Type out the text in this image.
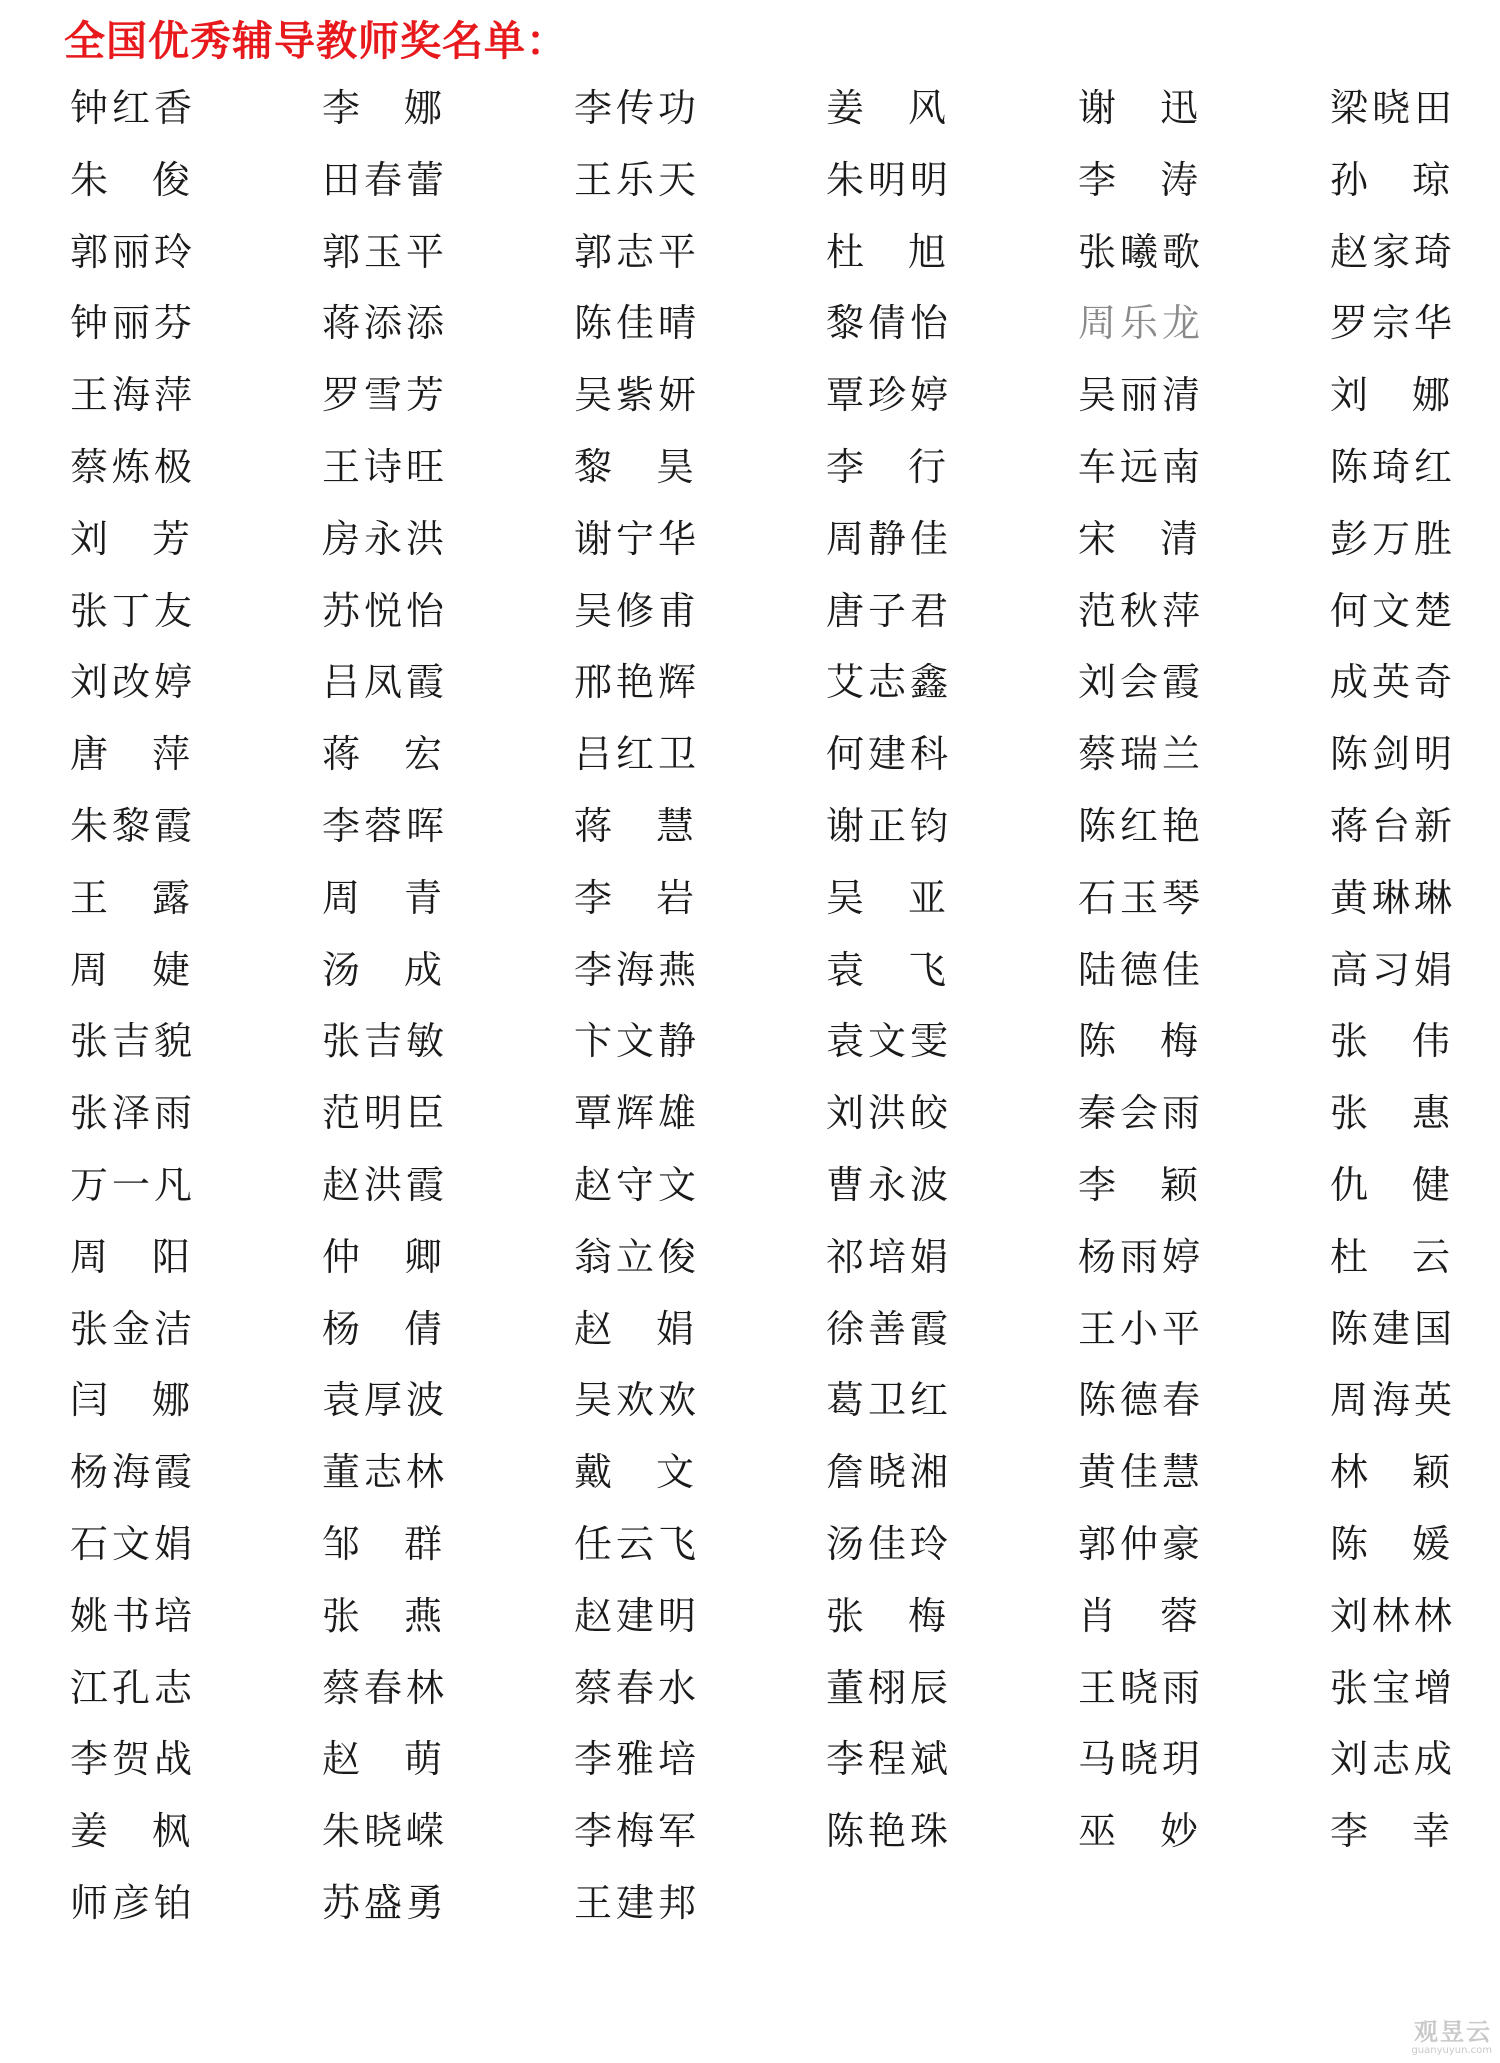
全国优秀辅导教师奖名单：
钟红香	李 娜	李传功	姜 风	谢 迅	梁晓田
朱 俊	田春蕾	王乐天	朱明明	李 涛	孙 琼
郭丽玲	郭玉平	郭志平	杜 旭	张曦歌	赵家琦
钟丽芬	蒋添添	陈佳晴	黎倩怡	周乐龙	罗宗华
王海萍	罗雪芳	吴紫妍	覃珍婷	吴丽清	刘 娜
蔡炼极	王诗旺	黎 昊	李 行	车远南	陈琦红
刘 芳	房永洪	谢宁华	周静佳	宋 清	彭万胜
张丁友	苏悦怡	吴修甫	唐子君	范秋萍	何文楚
刘改婷	吕凤霞	邢艳辉	艾志鑫	刘会霞	成英奇
唐 萍	蒋 宏	吕红卫	何建科	蔡瑞兰	陈剑明
朱黎霞	李蓉晖	蒋 慧	谢正钧	陈红艳	蒋台新
王 露	周 青	李 岩	吴 亚	石玉琴	黄琳琳
周 婕	汤 成	李海燕	袁 飞	陆德佳	高习娟
张吉貌	张吉敏	卞文静	袁文雯	陈 梅	张 伟
张泽雨	范明臣	覃辉雄	刘洪皎	秦会雨	张 惠
万一凡	赵洪霞	赵守文	曹永波	李 颖	仇 健
周 阳	仲 卿	翁立俊	祁培娟	杨雨婷	杜 云
张金洁	杨 倩	赵 娟	徐善霞	王小平	陈建国
闫 娜	袁厚波	吴欢欢	葛卫红	陈德春	周海英
杨海霞	董志林	戴 文	詹晓湘	黄佳慧	林 颖
石文娟	邹 群	任云飞	汤佳玲	郭仲豪	陈 媛
姚书培	张 燕	赵建明	张 梅	肖 蓉	刘林林
江孔志	蔡春林	蔡春水	董栩辰	王晓雨	张宝增
李贺战	赵 萌	李雅培	李程斌	马晓玥	刘志成
姜 枫	朱晓嵘	李梅军	陈艳珠	巫 妙	李 幸
师彦铂	苏盛勇	王建邦
观昱云
guanyuyun.com
